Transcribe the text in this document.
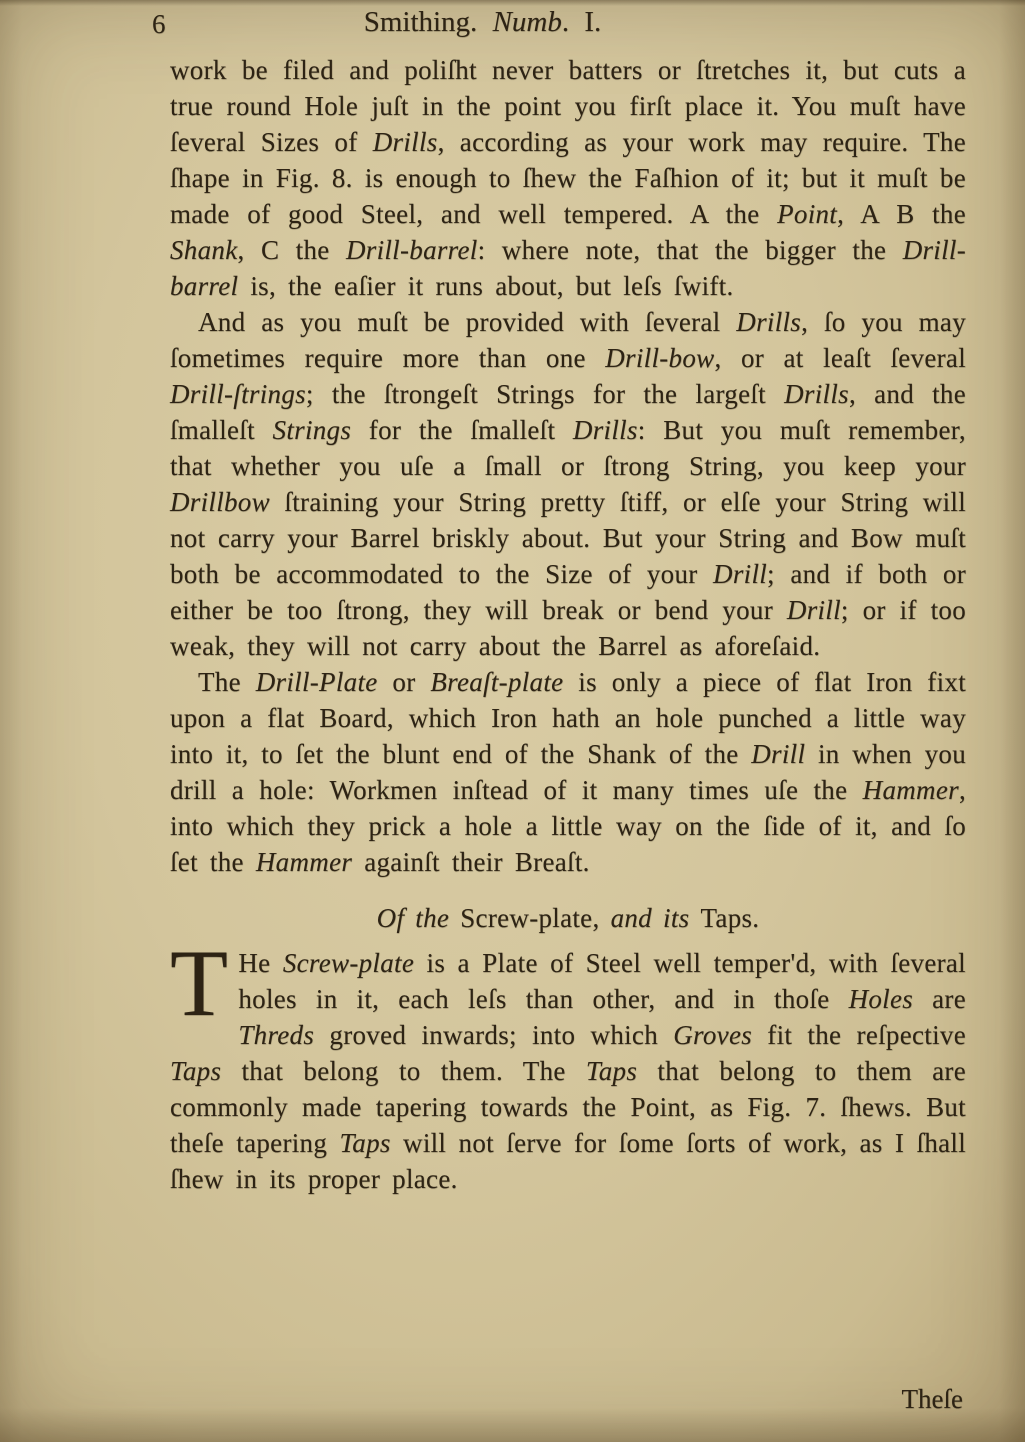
6	Smithing. Numb. I.

work be filed and poliſht never batters or ſtretches it, but cuts a true round Hole juſt in the point you firſt place it. You muſt have ſeveral Sizes of Drills, according as your work may require. The ſhape in Fig. 8. is enough to ſhew the Faſhion of it; but it muſt be made of good Steel, and well tempered. A the Point, A B the Shank, C the Drill-barrel: where note, that the bigger the Drill-barrel is, the eaſier it runs about, but leſs ſwift.

And as you muſt be provided with ſeveral Drills, ſo you may ſometimes require more than one Drill-bow, or at leaſt ſeveral Drill-ſtrings; the ſtrongeſt Strings for the largeſt Drills, and the ſmalleſt Strings for the ſmalleſt Drills: But you muſt remember, that whether you uſe a ſmall or ſtrong String, you keep your Drillbow ſtraining your String pretty ſtiff, or elſe your String will not carry your Barrel briskly about. But your String and Bow muſt both be accommodated to the Size of your Drill; and if both or either be too ſtrong, they will break or bend your Drill; or if too weak, they will not carry about the Barrel as aforeſaid.

The Drill-Plate or Breaſt-plate is only a piece of flat Iron fixt upon a flat Board, which Iron hath an hole punched a little way into it, to ſet the blunt end of the Shank of the Drill in when you drill a hole: Workmen inſtead of it many times uſe the Hammer, into which they prick a hole a little way on the ſide of it, and ſo ſet the Hammer againſt their Breaſt.

Of the Screw-plate, and its Taps.

T He Screw-plate is a Plate of Steel well temper'd, with ſeveral holes in it, each leſs than other, and in thoſe Holes are Threds groved inwards; into which Groves fit the reſpective Taps that belong to them. The Taps that belong to them are commonly made tapering towards the Point, as Fig. 7. ſhews. But theſe tapering Taps will not ſerve for ſome ſorts of work, as I ſhall ſhew in its proper place.

Theſe
